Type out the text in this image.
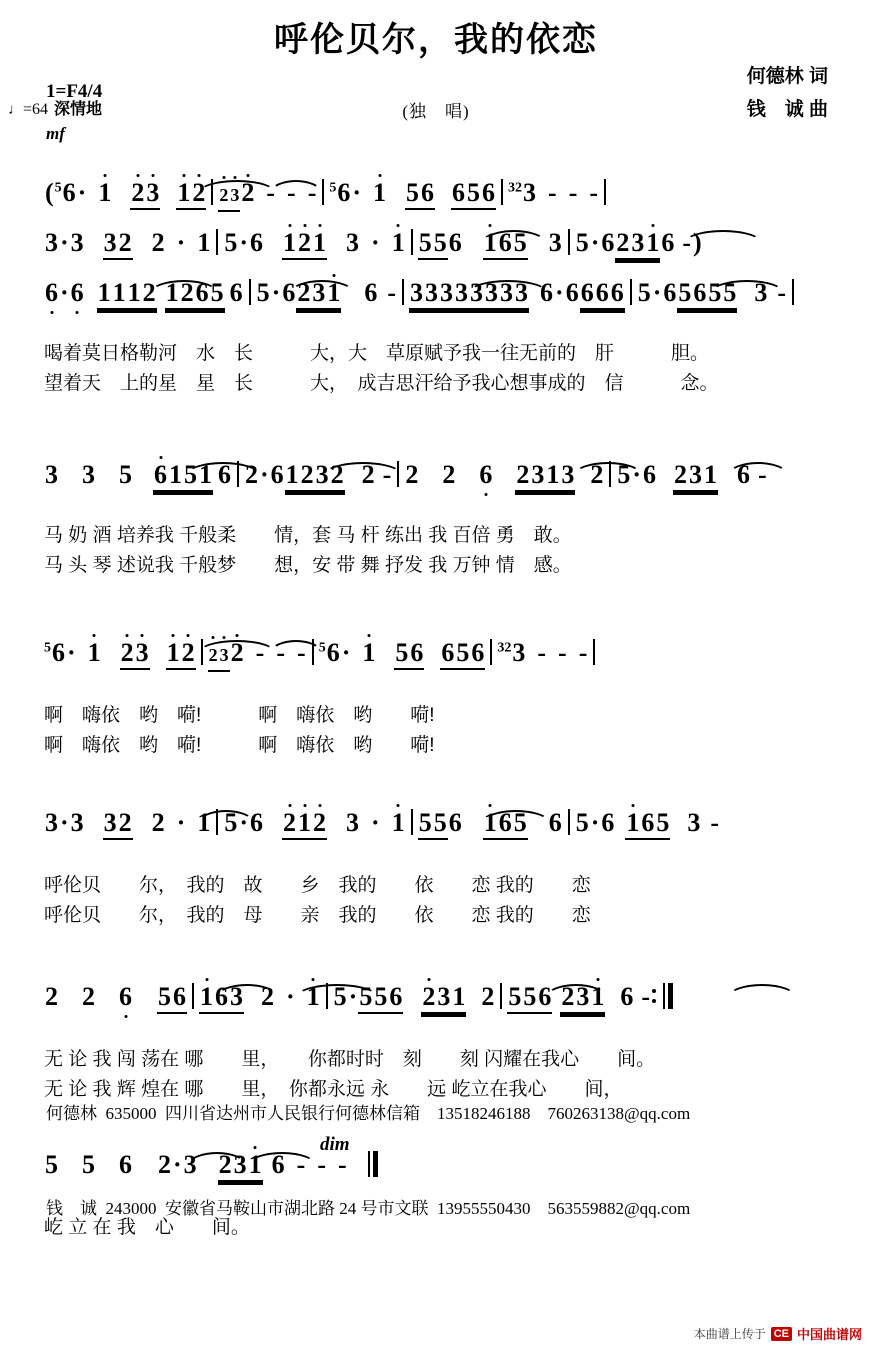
呼伦贝尔，我的依恋
1=F4/4
何德林 词
钱　诚 曲
(独　唱)
♩=64 深情地
mf
($^5$6· 1 23 12 2 32 - - - $^5$6· 1 56 656 $^{32}$3 - - -
3·3 32 2 · 1 5·6 121 3 · 1 556 165 3 5·62316 -)
6·6 1112 1265 6 5·6231 6 - 33333333 6·6666 5·65655 3 -
喝着莫日格勒河　水　长　　　大，大　草原赋予我一往无前的　肝　　　胆。
望着天　上的星　星　长　　　大，　成吉思汗给予我心想事成的　信　　　念。
3 3 5 6151 6 2·61232 2 - 2 2 6 2313 2 5·6 231 6 -
马 奶 酒 培养我 千般柔　　情，套 马 杆 练出 我 百倍 勇　敢。
马 头 琴 述说我 千般梦　　想，安 带 舞 抒发 我 万钟 情　感。
$^5$6· 1 23 12 2 32 - - - $^5$6· 1 56 656 $^{32}$3 - - -
啊　嗨依　哟　嗬!　　　啊　嗨依　哟　　嗬!
啊　嗨依　哟　嗬!　　　啊　嗨依　哟　　嗬!
3·3 32 2 · 1 5·6 212 3 · 1 556 165 6 5·6 165 3 -
呼伦贝　　尔，　我的　故　　乡　我的　　依　　恋 我的　　恋
呼伦贝　　尔，　我的　母　　亲　我的　　依　　恋 我的　　恋
2 2 6 56 163 2 · 1 5·556 231 2 556 231 6 -
无 论 我 闯 荡在 哪　　里，　　你都时时　刻　　刻 闪耀在我心　　间。
无 论 我 辉 煌在 哪　　里，　你都永远 永　　远 屹立在我心　　间，
5 5 6 2·3 231 6 - - -
dim
屹 立 在 我　心　　间。

何德林  635000  四川省达州市人民银行何德林信箱    13518246188    760263138@qq.com

钱　诚  243000  安徽省马鞍山市湖北路 24 号市文联  13955550430    563559882@qq.com

本曲谱上传于 CE 中国曲谱网
